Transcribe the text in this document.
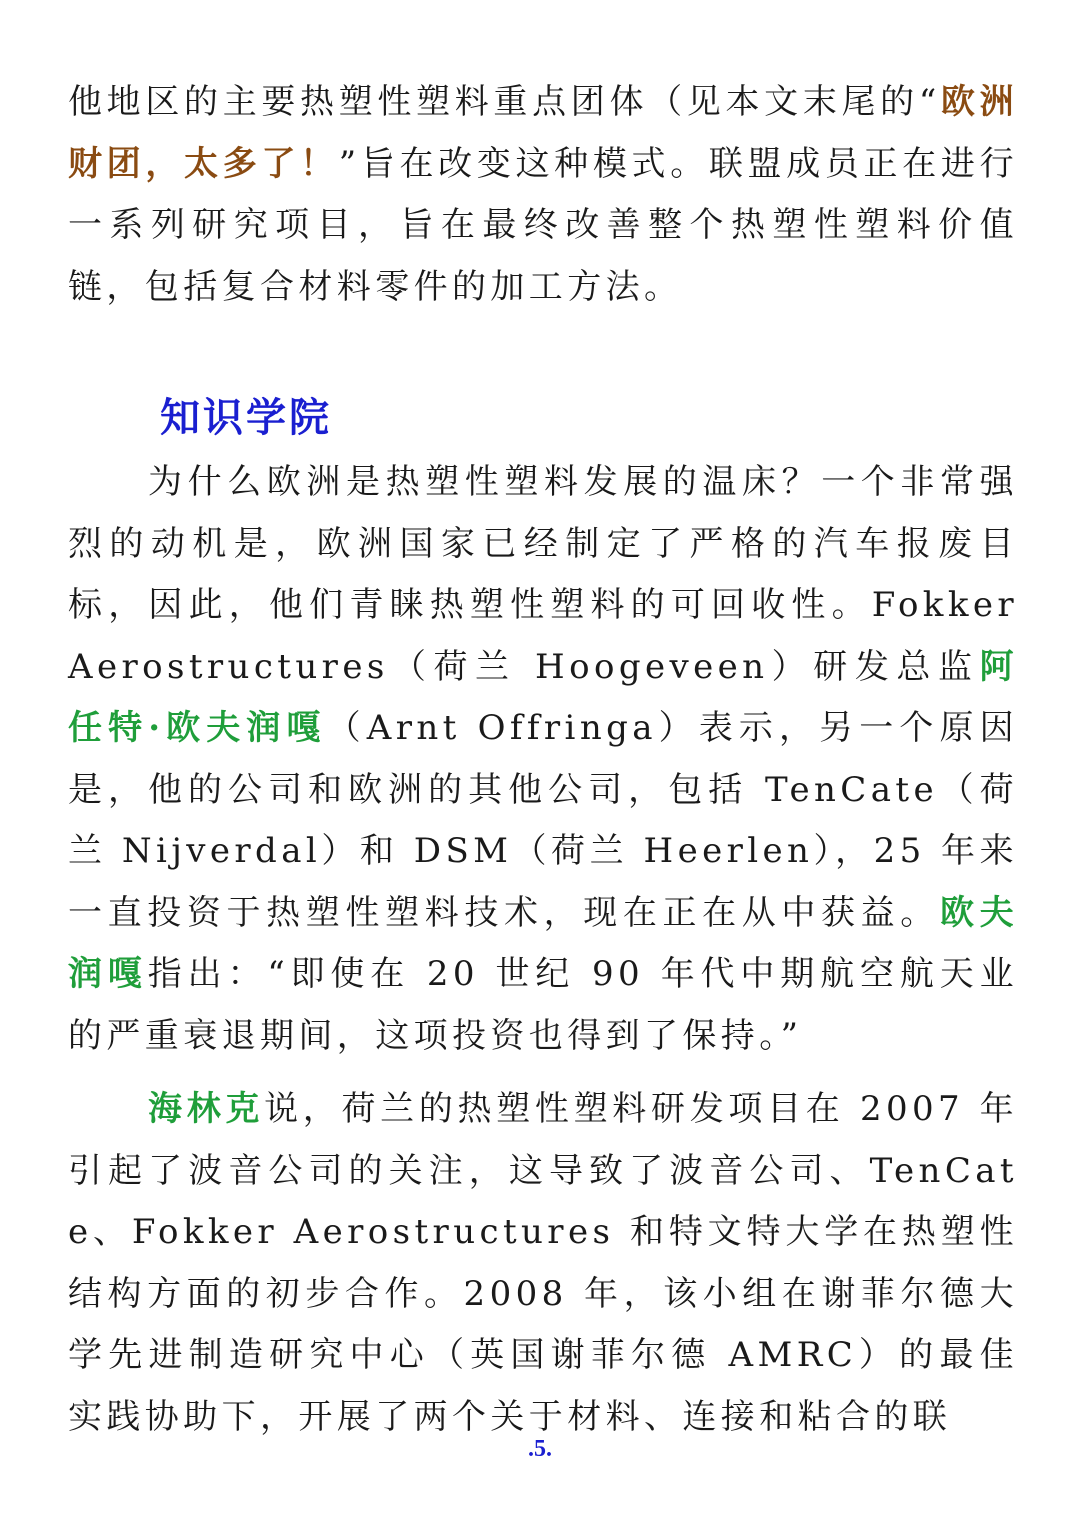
他地区的主要热塑性塑料重点团体（见本文末尾的“欧洲财团，太多了！”旨在改变这种模式。联盟成员正在进行一系列研究项目，旨在最终改善整个热塑性塑料价值链，包括复合材料零件的加工方法。

知识学院

为什么欧洲是热塑性塑料发展的温床？一个非常强烈的动机是，欧洲国家已经制定了严格的汽车报废目标，因此，他们青睐热塑性塑料的可回收性。Fokker Aerostructures（荷兰 Hoogeveen）研发总监阿任特·欧夫润嘎（Arnt Offringa）表示，另一个原因是，他的公司和欧洲的其他公司，包括 TenCate（荷兰 Nijverdal）和 DSM（荷兰 Heerlen），25 年来一直投资于热塑性塑料技术，现在正在从中获益。欧夫润嘎指出：“即使在 20 世纪 90 年代中期航空航天业的严重衰退期间，这项投资也得到了保持。”

海林克说，荷兰的热塑性塑料研发项目在 2007 年引起了波音公司的关注，这导致了波音公司、TenCate、Fokker Aerostructures 和特文特大学在热塑性结构方面的初步合作。2008 年，该小组在谢菲尔德大学先进制造研究中心（英国谢菲尔德 AMRC）的最佳实践协助下，开展了两个关于材料、连接和粘合的联

.5.
